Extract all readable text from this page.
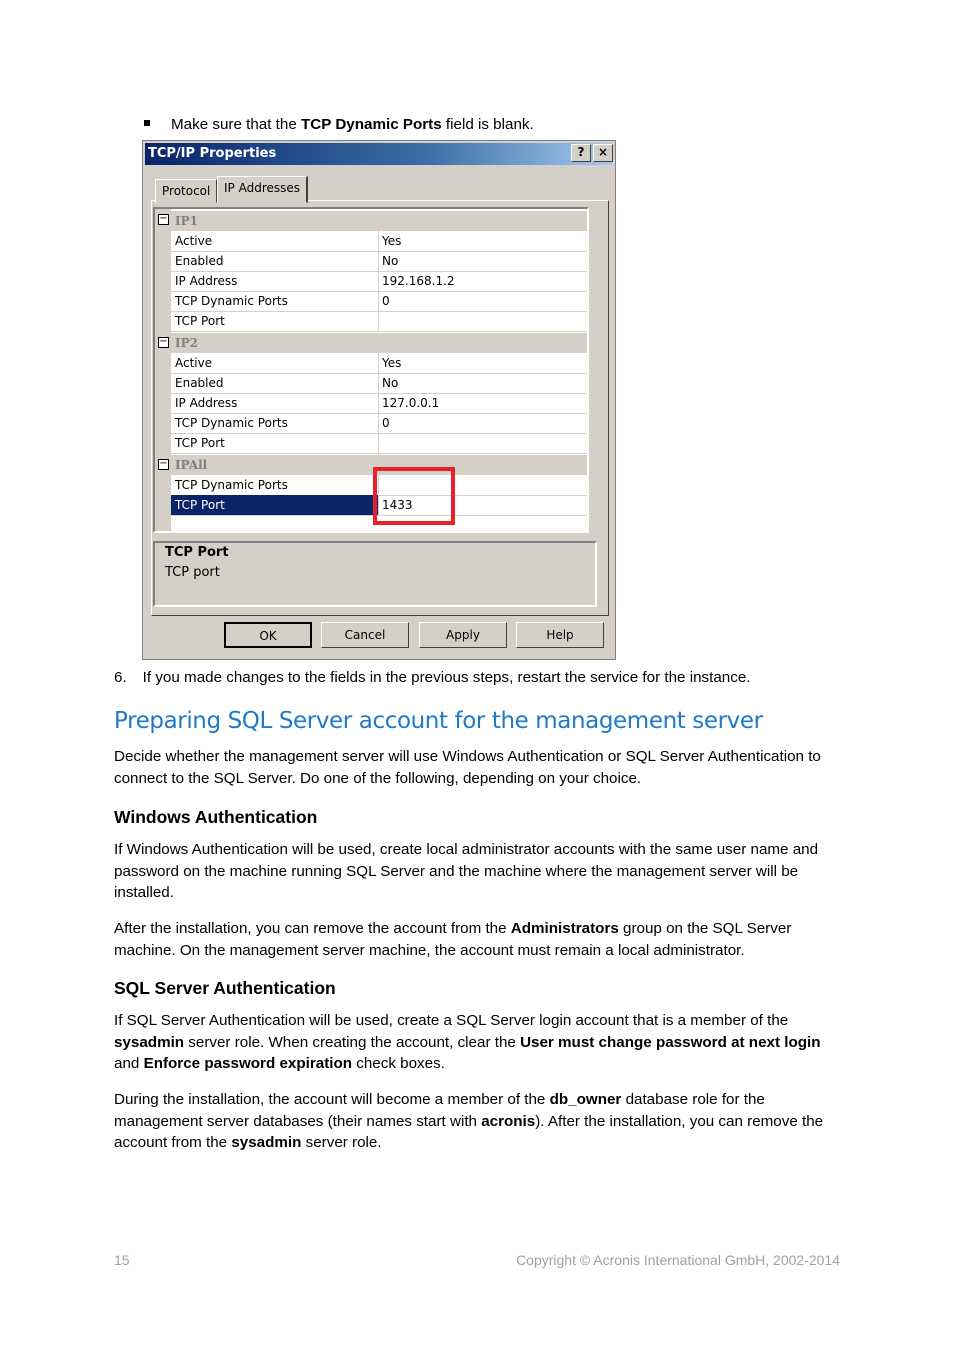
Make sure that the TCP Dynamic Ports field is blank.
TCP/IP Properties	?	×
Protocol	IP Addresses
− IP1
Active	Yes
Enabled	No
IP Address	192.168.1.2
TCP Dynamic Ports	0
TCP Port
− IP2
Active	Yes
Enabled	No
IP Address	127.0.0.1
TCP Dynamic Ports	0
TCP Port
− IPAll
TCP Dynamic Ports
TCP Port	1433
TCP Port
TCP port
OK	Cancel	Apply	Help
6. If you made changes to the fields in the previous steps, restart the service for the instance.
Preparing SQL Server account for the management server
Decide whether the management server will use Windows Authentication or SQL Server Authentication to connect to the SQL Server. Do one of the following, depending on your choice.
Windows Authentication
If Windows Authentication will be used, create local administrator accounts with the same user name and password on the machine running SQL Server and the machine where the management server will be installed.
After the installation, you can remove the account from the Administrators group on the SQL Server machine. On the management server machine, the account must remain a local administrator.
SQL Server Authentication
If SQL Server Authentication will be used, create a SQL Server login account that is a member of the sysadmin server role. When creating the account, clear the User must change password at next login and Enforce password expiration check boxes.
During the installation, the account will become a member of the db_owner database role for the management server databases (their names start with acronis). After the installation, you can remove the account from the sysadmin server role.
15	Copyright © Acronis International GmbH, 2002-2014
